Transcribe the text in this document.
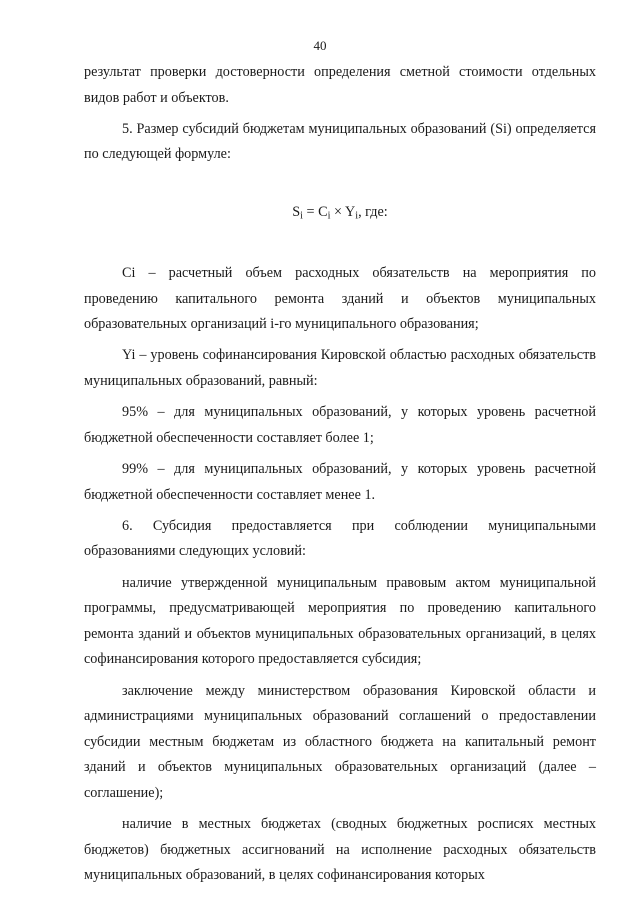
40

результат проверки достоверности определения сметной стоимости отдельных видов работ и объектов.

5. Размер субсидий бюджетам муниципальных образований (Si) определяется по следующей формуле:

$S_i = C_i \times Y_i$, где:

Ci – расчетный объем расходных обязательств на мероприятия по проведению капитального ремонта зданий и объектов муниципальных образовательных организаций i-го муниципального образования;

Yi – уровень софинансирования Кировской областью расходных обязательств муниципальных образований, равный:

95% – для муниципальных образований, у которых уровень расчетной бюджетной обеспеченности составляет более 1;

99% – для муниципальных образований, у которых уровень расчетной бюджетной обеспеченности составляет менее 1.

6. Субсидия предоставляется при соблюдении муниципальными образованиями следующих условий:

наличие утвержденной муниципальным правовым актом муниципальной программы, предусматривающей мероприятия по проведению капитального ремонта зданий и объектов муниципальных образовательных организаций, в целях софинансирования которого предоставляется субсидия;

заключение между министерством образования Кировской области и администрациями муниципальных образований соглашений о предоставлении субсидии местным бюджетам из областного бюджета на капитальный ремонт зданий и объектов муниципальных образовательных организаций (далее – соглашение);

наличие в местных бюджетах (сводных бюджетных росписях местных бюджетов) бюджетных ассигнований на исполнение расходных обязательств муниципальных образований, в целях софинансирования которых
